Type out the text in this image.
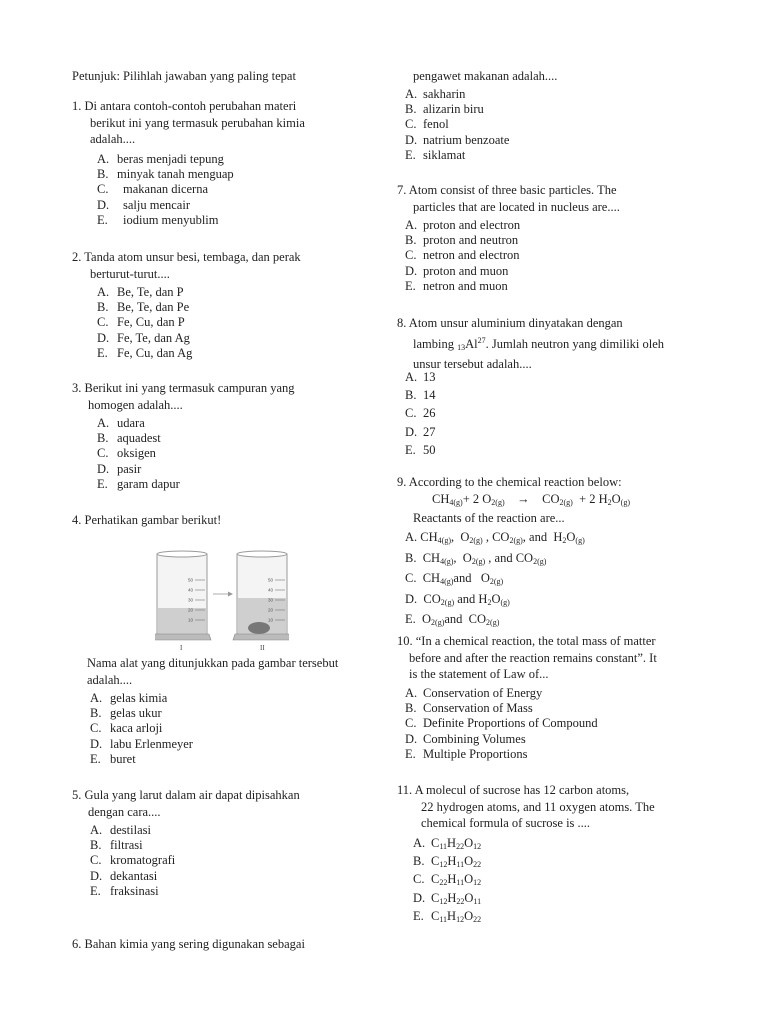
Petunjuk: Pilihlah jawaban yang paling tepat
1. Di antara contoh-contoh perubahan materi
berikut ini yang termasuk perubahan kimia
adalah....
A. beras menjadi tepung
B. minyak tanah menguap
C. makanan dicerna
D. salju mencair
E. iodium menyublim
2. Tanda atom unsur besi, tembaga, dan perak
berturut-turut....
A. Be, Te, dan P
B. Be, Te, dan Pe
C. Fe, Cu, dan P
D. Fe, Te, dan Ag
E. Fe, Cu, dan Ag
3. Berikut ini yang termasuk campuran yang
homogen adalah....
A. udara
B. aquadest
C. oksigen
D. pasir
E. garam dapur
4. Perhatikan gambar berikut!
50
40
30
20
10
50
40
30
20
10
I	II
Nama alat yang ditunjukkan pada gambar tersebut
adalah....
A. gelas kimia
B. gelas ukur
C. kaca arloji
D. labu Erlenmeyer
E. buret
5. Gula yang larut dalam air dapat dipisahkan
dengan cara....
A. destilasi
B. filtrasi
C. kromatografi
D. dekantasi
E. fraksinasi
6. Bahan kimia yang sering digunakan sebagai
pengawet makanan adalah....
A. sakharin
B. alizarin biru
C. fenol
D. natrium benzoate
E. siklamat
7. Atom consist of three basic particles. The
particles that are located in nucleus are....
A. proton and electron
B. proton and neutron
C. netron and electron
D. proton and muon
E. netron and muon
8. Atom unsur aluminium dinyatakan dengan
lambing $_{13}Al^{27}$. Jumlah neutron yang dimiliki oleh
unsur tersebut adalah....
A. 13
B. 14
C. 26
D. 27
E. 50
9. According to the chemical reaction below:
$CH_{4(g)}+ 2$ $O_{2(g)}$ →    $CO_{2(g)} + 2$ $H_2O_{(g)}$
Reactants of the reaction are...
A. $CH_{4(g)}$,  $O_{2(g)}$ , $CO_{2(g)}$, and  $H_2O_{(g)}$
B.  $CH_{4(g)}$,  $O_{2(g)}$ , and $CO_{2(g)}$
C.  $CH_{4(g)}and$   $O_{2(g)}$
D.  $CO_{2(g)}$ and $H_2O_{(g)}$
E.  $O_{2(g)}and$  $CO_{2(g)}$
10. “In a chemical reaction, the total mass of matter
before and after the reaction remains constant”. It
is the statement of Law of...
A. Conservation of Energy
B. Conservation of Mass
C. Definite Proportions of Compound
D. Combining Volumes
E. Multiple Proportions
11. A molecul of sucrose has 12 carbon atoms,
22 hydrogen atoms, and 11 oxygen atoms. The
chemical formula of sucrose is ....
A. $C_{11}H_{22}O_{12}$
B. $C_{12}H_{11}O_{22}$
C. $C_{22}H_{11}O_{12}$
D. $C_{12}H_{22}O_{11}$
E. $C_{11}H_{12}O_{22}$
